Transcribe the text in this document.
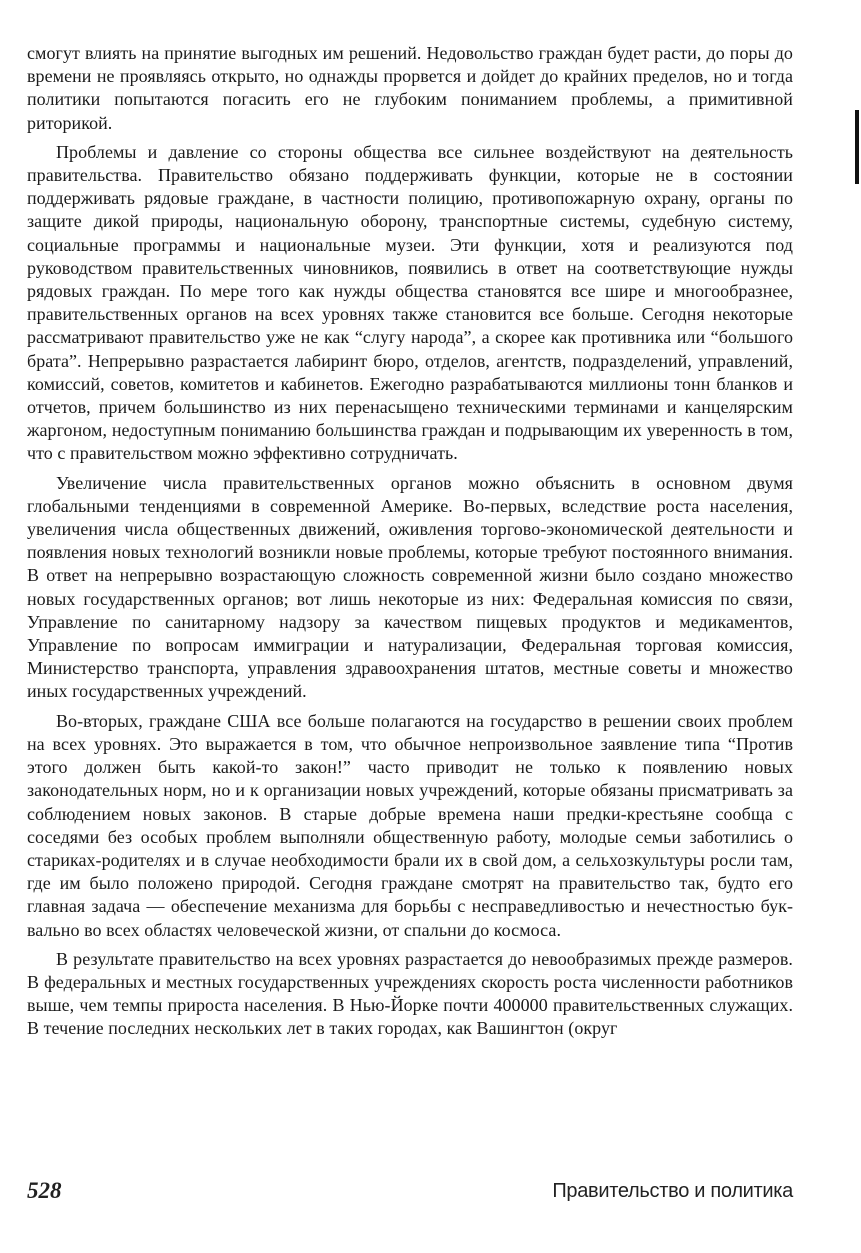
смогут влиять на принятие выгодных им решений. Недовольство граждан будет расти, до поры до времени не проявляясь открыто, но однажды прорвется и дойдет до крайних пределов, но и тогда политики попытаются погасить его не глубоким пониманием проблемы, а примитивной риторикой.

Проблемы и давление со стороны общества все сильнее воздействуют на деятельность правительства. Правительство обязано поддерживать функции, которые не в состоянии поддерживать рядовые граждане, в частности полицию, противопожарную охрану, органы по защите дикой природы, национальную оборону, транспортные системы, судебную систему, социальные программы и национальные музеи. Эти функции, хотя и реализуются под руководством правительственных чиновников, появились в ответ на соответствующие нужды рядовых граждан. По мере того как нужды общества становятся все шире и многообразнее, правительственных органов на всех уровнях также становится все больше. Сегодня некоторые рассматривают правительство уже не как “слугу народа”, а скорее как противника или “большого брата”. Непрерывно разрастается лабиринт бюро, отделов, агентств, подразделений, управлений, комиссий, советов, комитетов и кабинетов. Ежегодно разрабатываются миллионы тонн бланков и отчетов, причем большинство из них перенасыщено техническими терминами и канцелярским жаргоном, недоступным пониманию большинства граждан и подрывающим их уверенность в том, что с правительством можно эффективно сотрудничать.

Увеличение числа правительственных органов можно объяснить в основном двумя глобальными тенденциями в современной Америке. Во-первых, вследствие роста населения, увеличения числа общественных движений, оживления торгово-экономической деятельности и появления новых технологий возникли новые проблемы, которые требуют постоянного внимания. В ответ на непрерывно возрастающую сложность современной жизни было создано множество новых государственных органов; вот лишь некоторые из них: Федеральная комиссия по связи, Управление по санитарному надзору за качеством пищевых продуктов и медикаментов, Управление по вопросам иммиграции и натурализации, Федеральная торговая комиссия, Министерство транспорта, управления здравоохранения штатов, местные советы и множество иных государственных учреждений.

Во-вторых, граждане США все больше полагаются на государство в решении своих проблем на всех уровнях. Это выражается в том, что обычное непроизвольное заявление типа “Против этого должен быть какой-то закон!” часто приводит не только к появлению новых законодательных норм, но и к организации новых учреждений, которые обязаны присматривать за соблюдением новых законов. В старые добрые времена наши предки-крестьяне сообща с соседями без особых проблем выполняли общественную работу, молодые семьи заботились о стариках-родителях и в случае необходимости брали их в свой дом, а сельхозкультуры росли там, где им было положено природой. Сегодня граждане смотрят на правительство так, будто его главная задача — обеспечение механизма для борьбы с несправедливостью и нечестностью буквально во всех областях человеческой жизни, от спальни до космоса.

В результате правительство на всех уровнях разрастается до невообразимых прежде размеров. В федеральных и местных государственных учреждениях скорость роста численности работников выше, чем темпы прироста населения. В Нью-Йорке почти 400000 правительственных служащих. В течение последних нескольких лет в таких городах, как Вашингтон (округ

528	Правительство и политика
